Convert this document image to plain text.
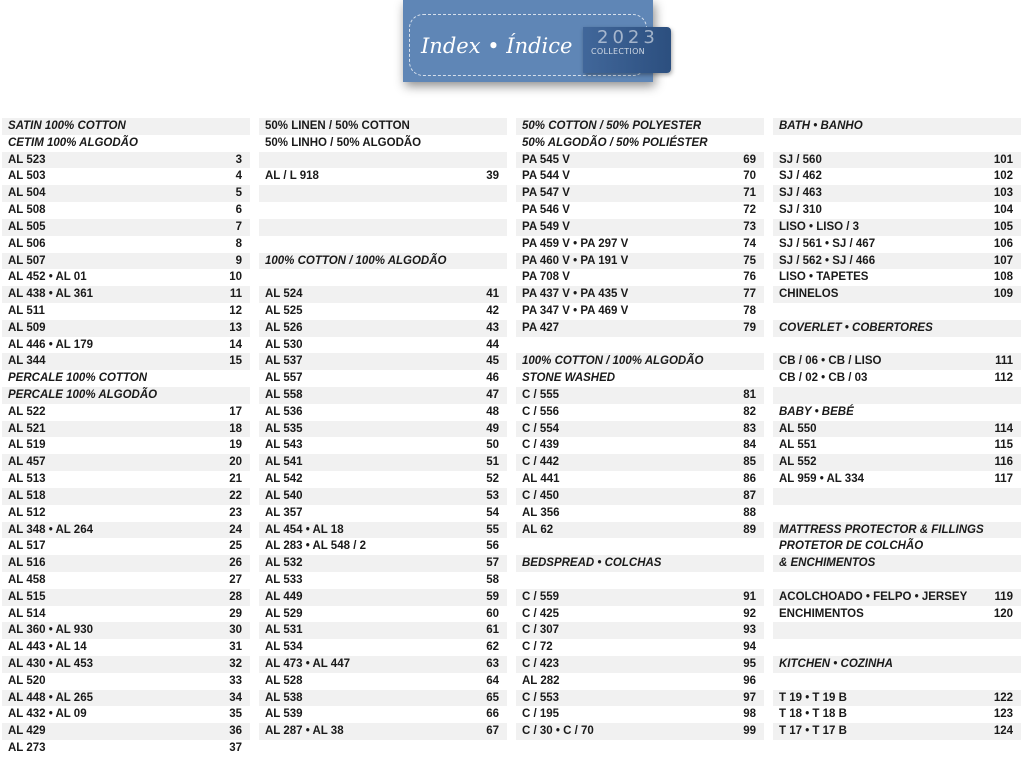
Index • Índice 2023
COLLECTION
SATIN 100% COTTON
CETIM 100% ALGODÃO
AL 523	3
AL 503	4
AL 504	5
AL 508	6
AL 505	7
AL 506	8
AL 507	9
AL 452 • AL 01	10
AL 438 • AL 361	11
AL 511	12
AL 509	13
AL 446 • AL 179	14
AL 344	15
PERCALE 100% COTTON
PERCALE 100% ALGODÃO
AL 522	17
AL 521	18
AL 519	19
AL 457	20
AL 513	21
AL 518	22
AL 512	23
AL 348 • AL 264	24
AL 517	25
AL 516	26
AL 458	27
AL 515	28
AL 514	29
AL 360 • AL 930	30
AL 443 • AL 14	31
AL 430 • AL 453	32
AL 520	33
AL 448 • AL 265	34
AL 432 • AL 09	35
AL 429	36
AL 273	37
50% LINEN / 50% COTTON
50% LINHO / 50% ALGODÃO
AL / L 918	39
100% COTTON / 100% ALGODÃO
AL 524	41
AL 525	42
AL 526	43
AL 530	44
AL 537	45
AL 557	46
AL 558	47
AL 536	48
AL 535	49
AL 543	50
AL 541	51
AL 542	52
AL 540	53
AL 357	54
AL 454 • AL 18	55
AL 283 • AL 548 / 2	56
AL 532	57
AL 533	58
AL 449	59
AL 529	60
AL 531	61
AL 534	62
AL 473 • AL 447	63
AL 528	64
AL 538	65
AL 539	66
AL 287 • AL 38	67
50% COTTON / 50% POLYESTER
50% ALGODÃO / 50% POLIÉSTER
PA 545 V	69
PA 544 V	70
PA 547 V	71
PA 546 V	72
PA 549 V	73
PA 459 V • PA 297 V	74
PA 460 V • PA 191 V	75
PA 708 V	76
PA 437 V • PA 435 V	77
PA 347 V • PA 469 V	78
PA 427	79
100% COTTON / 100% ALGODÃO
STONE WASHED
C / 555	81
C / 556	82
C / 554	83
C / 439	84
C / 442	85
AL 441	86
C / 450	87
AL 356	88
AL 62	89
BEDSPREAD • COLCHAS
C / 559	91
C / 425	92
C / 307	93
C / 72	94
C / 423	95
AL 282	96
C / 553	97
C / 195	98
C / 30 • C / 70	99
BATH • BANHO
SJ / 560	101
SJ / 462	102
SJ / 463	103
SJ / 310	104
LISO • LISO / 3	105
SJ / 561 • SJ / 467	106
SJ / 562 • SJ / 466	107
LISO • TAPETES	108
CHINELOS	109
COVERLET • COBERTORES
CB / 06 • CB / LISO	111
CB / 02 • CB / 03	112
BABY • BEBÉ
AL 550	114
AL 551	115
AL 552	116
AL 959 • AL 334	117
MATTRESS PROTECTOR & FILLINGS
PROTETOR DE COLCHÃO
& ENCHIMENTOS
ACOLCHOADO • FELPO • JERSEY 119
ENCHIMENTOS	120
KITCHEN • COZINHA
T 19 • T 19 B	122
T 18 • T 18 B	123
T 17 • T 17 B	124
